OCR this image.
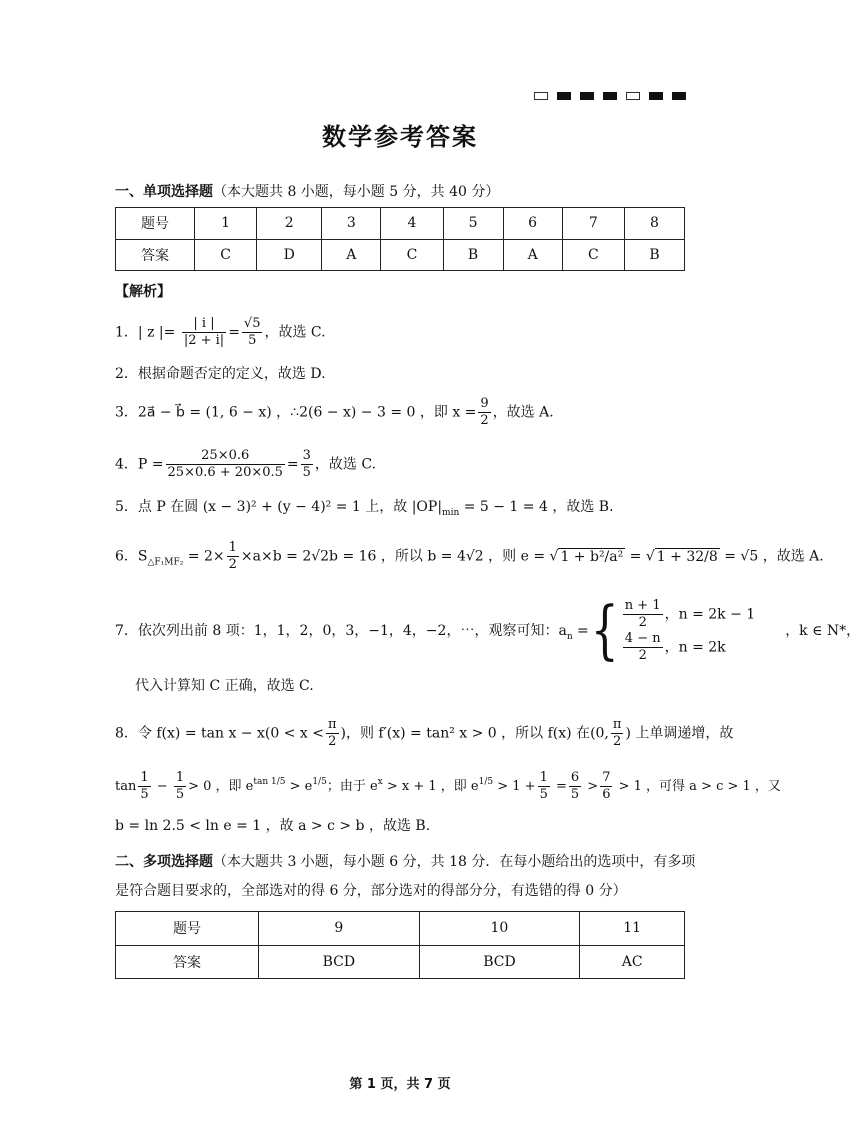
数学参考答案
一、单项选择题（本大题共 8 小题，每小题 5 分，共 40 分）
题号	1	2	3	4	5	6	7	8
答案	C	D	A	C	B	A	C	B
【解析】
1．| z |= $\frac{| i |}{|2 + i|} = \frac{√5}{5}$ ，故选 C.
2．根据命题否定的定义，故选 D.
3．2a⃗ − b⃗ = (1, 6 − x) ，∴2(6 − x) − 3 = 0 ，即 $x = \frac{9}{2}$ ，故选 A.
4．$P = \frac{25\times 0.6}{25\times 0.6 + 20\times 0.5} = \frac{3}{5}$ ，故选 C.
5．点 P 在圆 (x − 3)² + (y − 4)² = 1 上，故 $|OP|_{min} = 5 - 1 = 4$ ，故选 B.
6．$S_{\triangle F_1MF_2} = 2\times \frac{1}{2} \times a\times b = 2√2b = 16$ ，所以 b = 4√2 ，则 e = √ 1 + b²/a² = √ 1 + 32/8 = √5 ，故选 A.
7．依次列出前 8 项：1，1，2，0，3，−1，4，−2，⋯，观察可知：$a_n$ ={ $\frac{n + 1}{2}$ ，n = 2k − 1
$\frac{4 - n}{2}$ ，n = 2k
，k ∈ N*，
代入计算知 C 正确，故选 C.
8．令 $f(x) = \tan x - x(0 < x < \frac{\pi}{2}$ )，则 f′(x) = tan² x > 0 ，所以 f(x) 在(0, $\frac{\pi}{2}$ ) 上单调递增，故
$\tan \frac{1}{5} - \frac{1}{5} > 0$ ，即 $e^{tan 1/5} > e^{1/5}$；由于 $e^x > x + 1$ ，即 $e^{1/5} > 1 + \frac{1}{5} = \frac{6}{5} > \frac{7}{6} > 1$ ，可得 a > c > 1 ，又
b = ln 2.5 < ln e = 1 ，故 a > c > b ，故选 B.
二、多项选择题（本大题共 3 小题，每小题 6 分，共 18 分．在每小题给出的选项中，有多项
是符合题目要求的，全部选对的得 6 分，部分选对的得部分分，有选错的得 0 分）
题号	9	10	11
答案	BCD	BCD	AC
第 1 页，共 7 页
